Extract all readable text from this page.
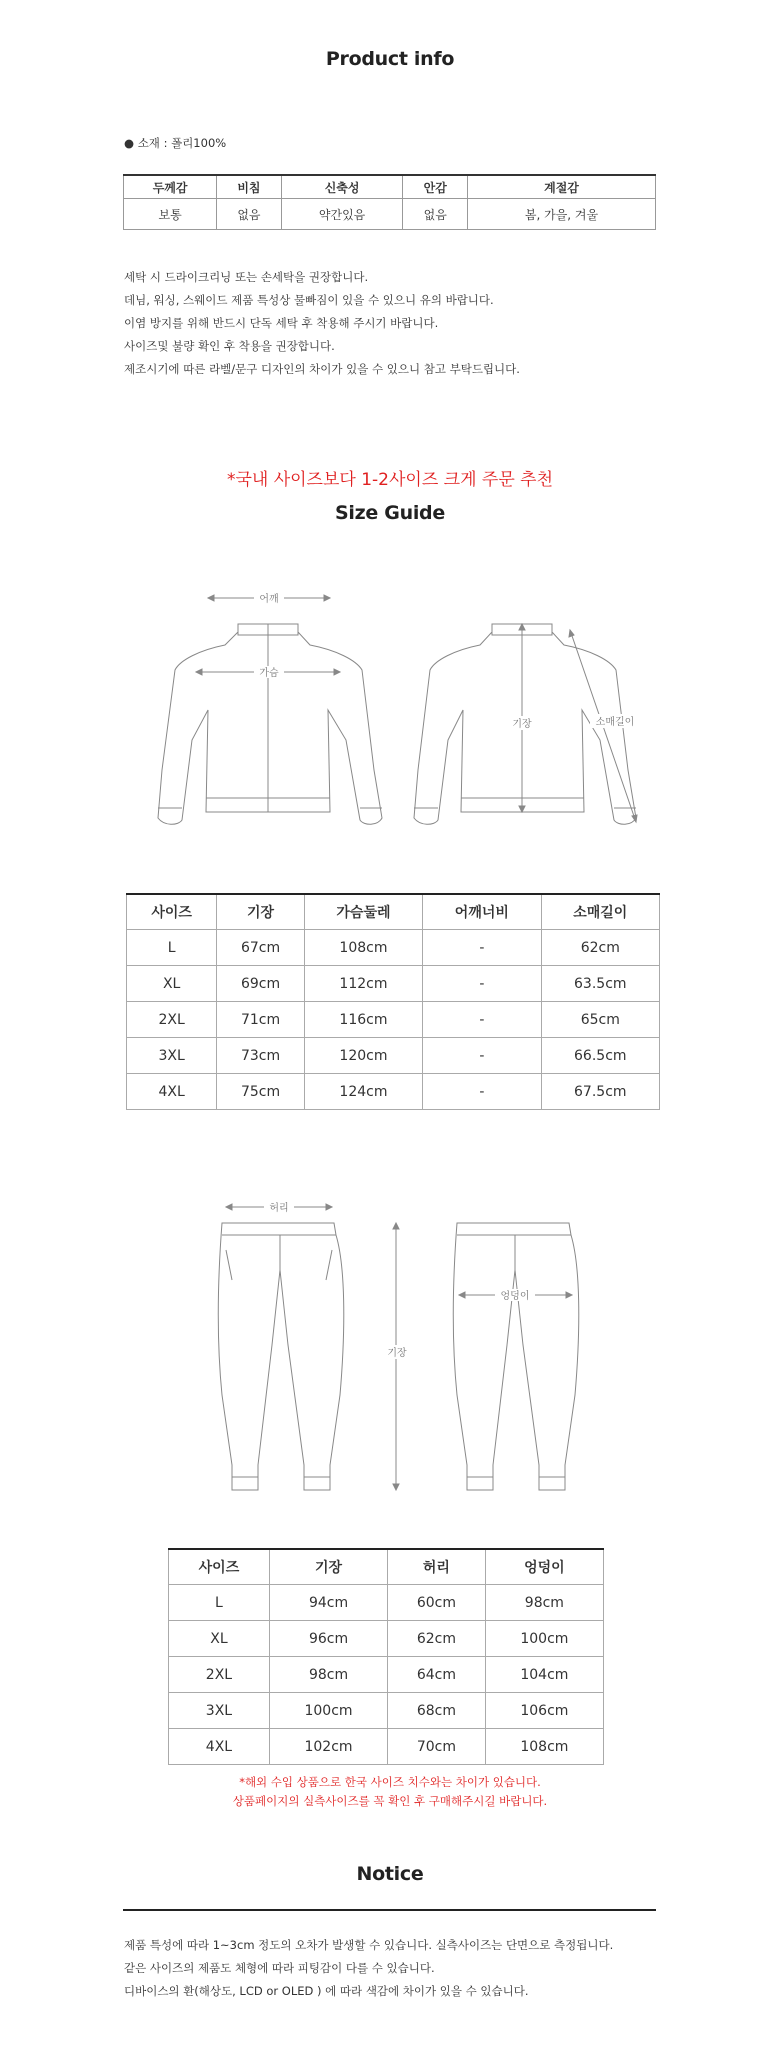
Product info
● 소재 : 폴리100%
두께감	비침	신축성	안감	계절감
보통	없음	약간있음	없음	봄, 가을, 겨울
세탁 시 드라이크리닝 또는 손세탁을 권장합니다.
데님, 워싱, 스웨이드 제품 특성상 물빠짐이 있을 수 있으니 유의 바랍니다.
이염 방지를 위해 반드시 단독 세탁 후 착용해 주시기 바랍니다.
사이즈및 불량 확인 후 착용을 권장합니다.
제조시기에 따른 라벨/문구 디자인의 차이가 있을 수 있으니 참고 부탁드립니다.
*국내 사이즈보다 1-2사이즈 크게 주문 추천
Size Guide
어깨
가슴
기장	소매길이
사이즈	기장	가슴둘레	어깨너비	소매길이
L	67cm	108cm	-	62cm
XL	69cm	112cm	-	63.5cm
2XL	71cm	116cm	-	65cm
3XL	73cm	120cm	-	66.5cm
4XL	75cm	124cm	-	67.5cm
허리
기장
엉덩이
사이즈	기장	허리	엉덩이
L	94cm	60cm	98cm
XL	96cm	62cm	100cm
2XL	98cm	64cm	104cm
3XL	100cm	68cm	106cm
4XL	102cm	70cm	108cm
*해외 수입 상품으로 한국 사이즈 치수와는 차이가 있습니다.
상품페이지의 실측사이즈를 꼭 확인 후 구매해주시길 바랍니다.
Notice
제품 특성에 따라 1~3cm 정도의 오차가 발생할 수 있습니다. 실측사이즈는 단면으로 측정됩니다.
같은 사이즈의 제품도 체형에 따라 피팅감이 다를 수 있습니다.
디바이스의 환(해상도, LCD or OLED ) 에 따라 색감에 차이가 있을 수 있습니다.
